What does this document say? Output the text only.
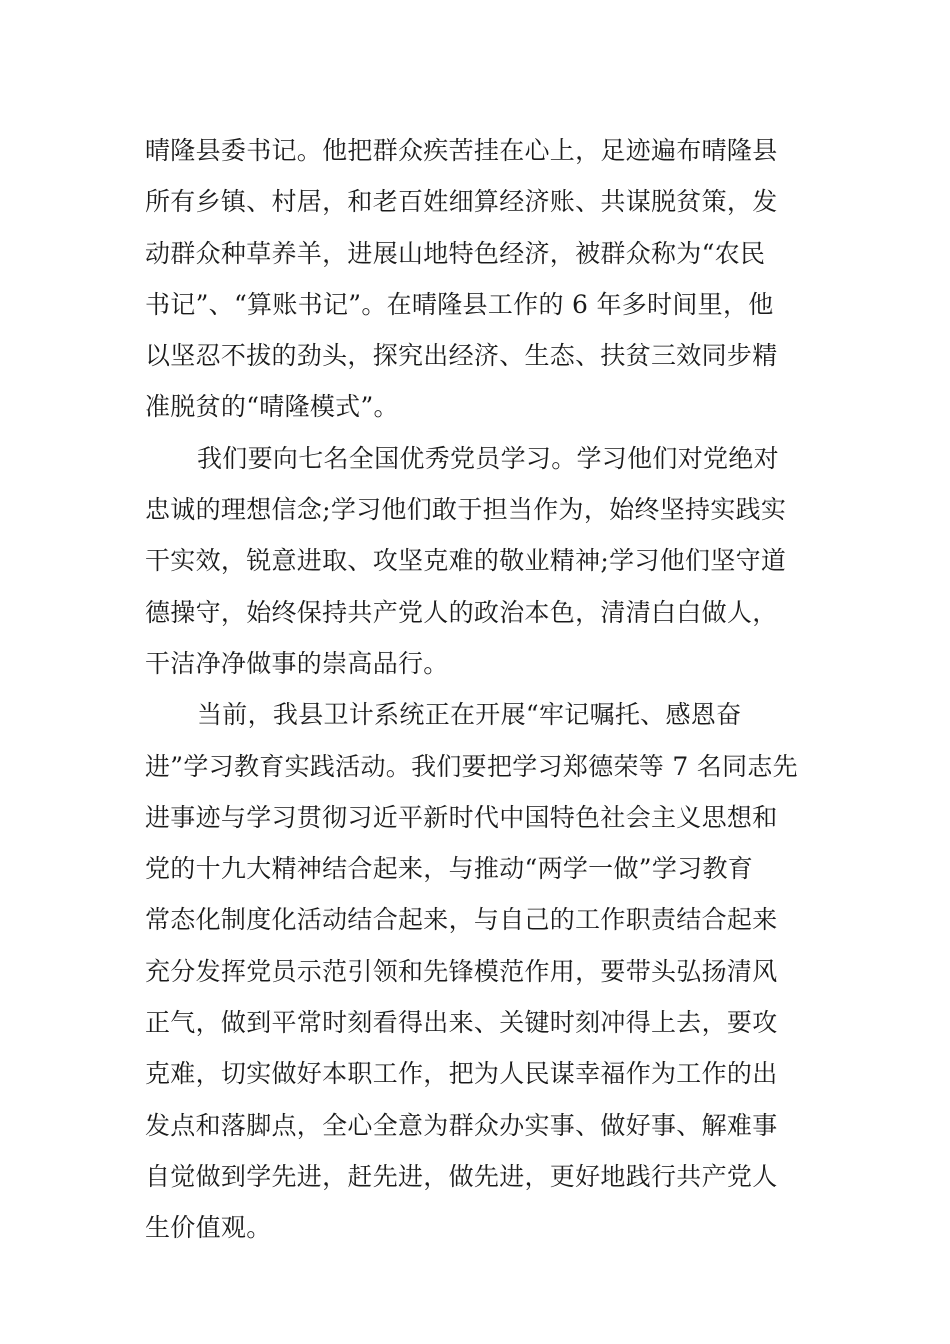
晴隆县委书记。他把群众疾苦挂在心上，足迹遍布晴隆县
所有乡镇、村居，和老百姓细算经济账、共谋脱贫策，发
动群众种草养羊，进展山地特色经济，被群众称为“农民
书记”、“算账书记”。在晴隆县工作的 6 年多时间里，他
以坚忍不拔的劲头，探究出经济、生态、扶贫三效同步精
准脱贫的“晴隆模式”。

我们要向七名全国优秀党员学习。学习他们对党绝对
忠诚的理想信念;学习他们敢于担当作为，始终坚持实践实
干实效，锐意进取、攻坚克难的敬业精神;学习他们坚守道
德操守，始终保持共产党人的政治本色，清清白白做人，
干洁净净做事的崇高品行。

当前，我县卫计系统正在开展“牢记嘱托、感恩奋
进”学习教育实践活动。我们要把学习郑德荣等 7 名同志先
进事迹与学习贯彻习近平新时代中国特色社会主义思想和
党的十九大精神结合起来，与推动“两学一做”学习教育
常态化制度化活动结合起来，与自己的工作职责结合起来
充分发挥党员示范引领和先锋模范作用，要带头弘扬清风
正气，做到平常时刻看得出来、关键时刻冲得上去，要攻
克难，切实做好本职工作，把为人民谋幸福作为工作的出
发点和落脚点，全心全意为群众办实事、做好事、解难事
自觉做到学先进，赶先进，做先进，更好地践行共产党人
生价值观。
